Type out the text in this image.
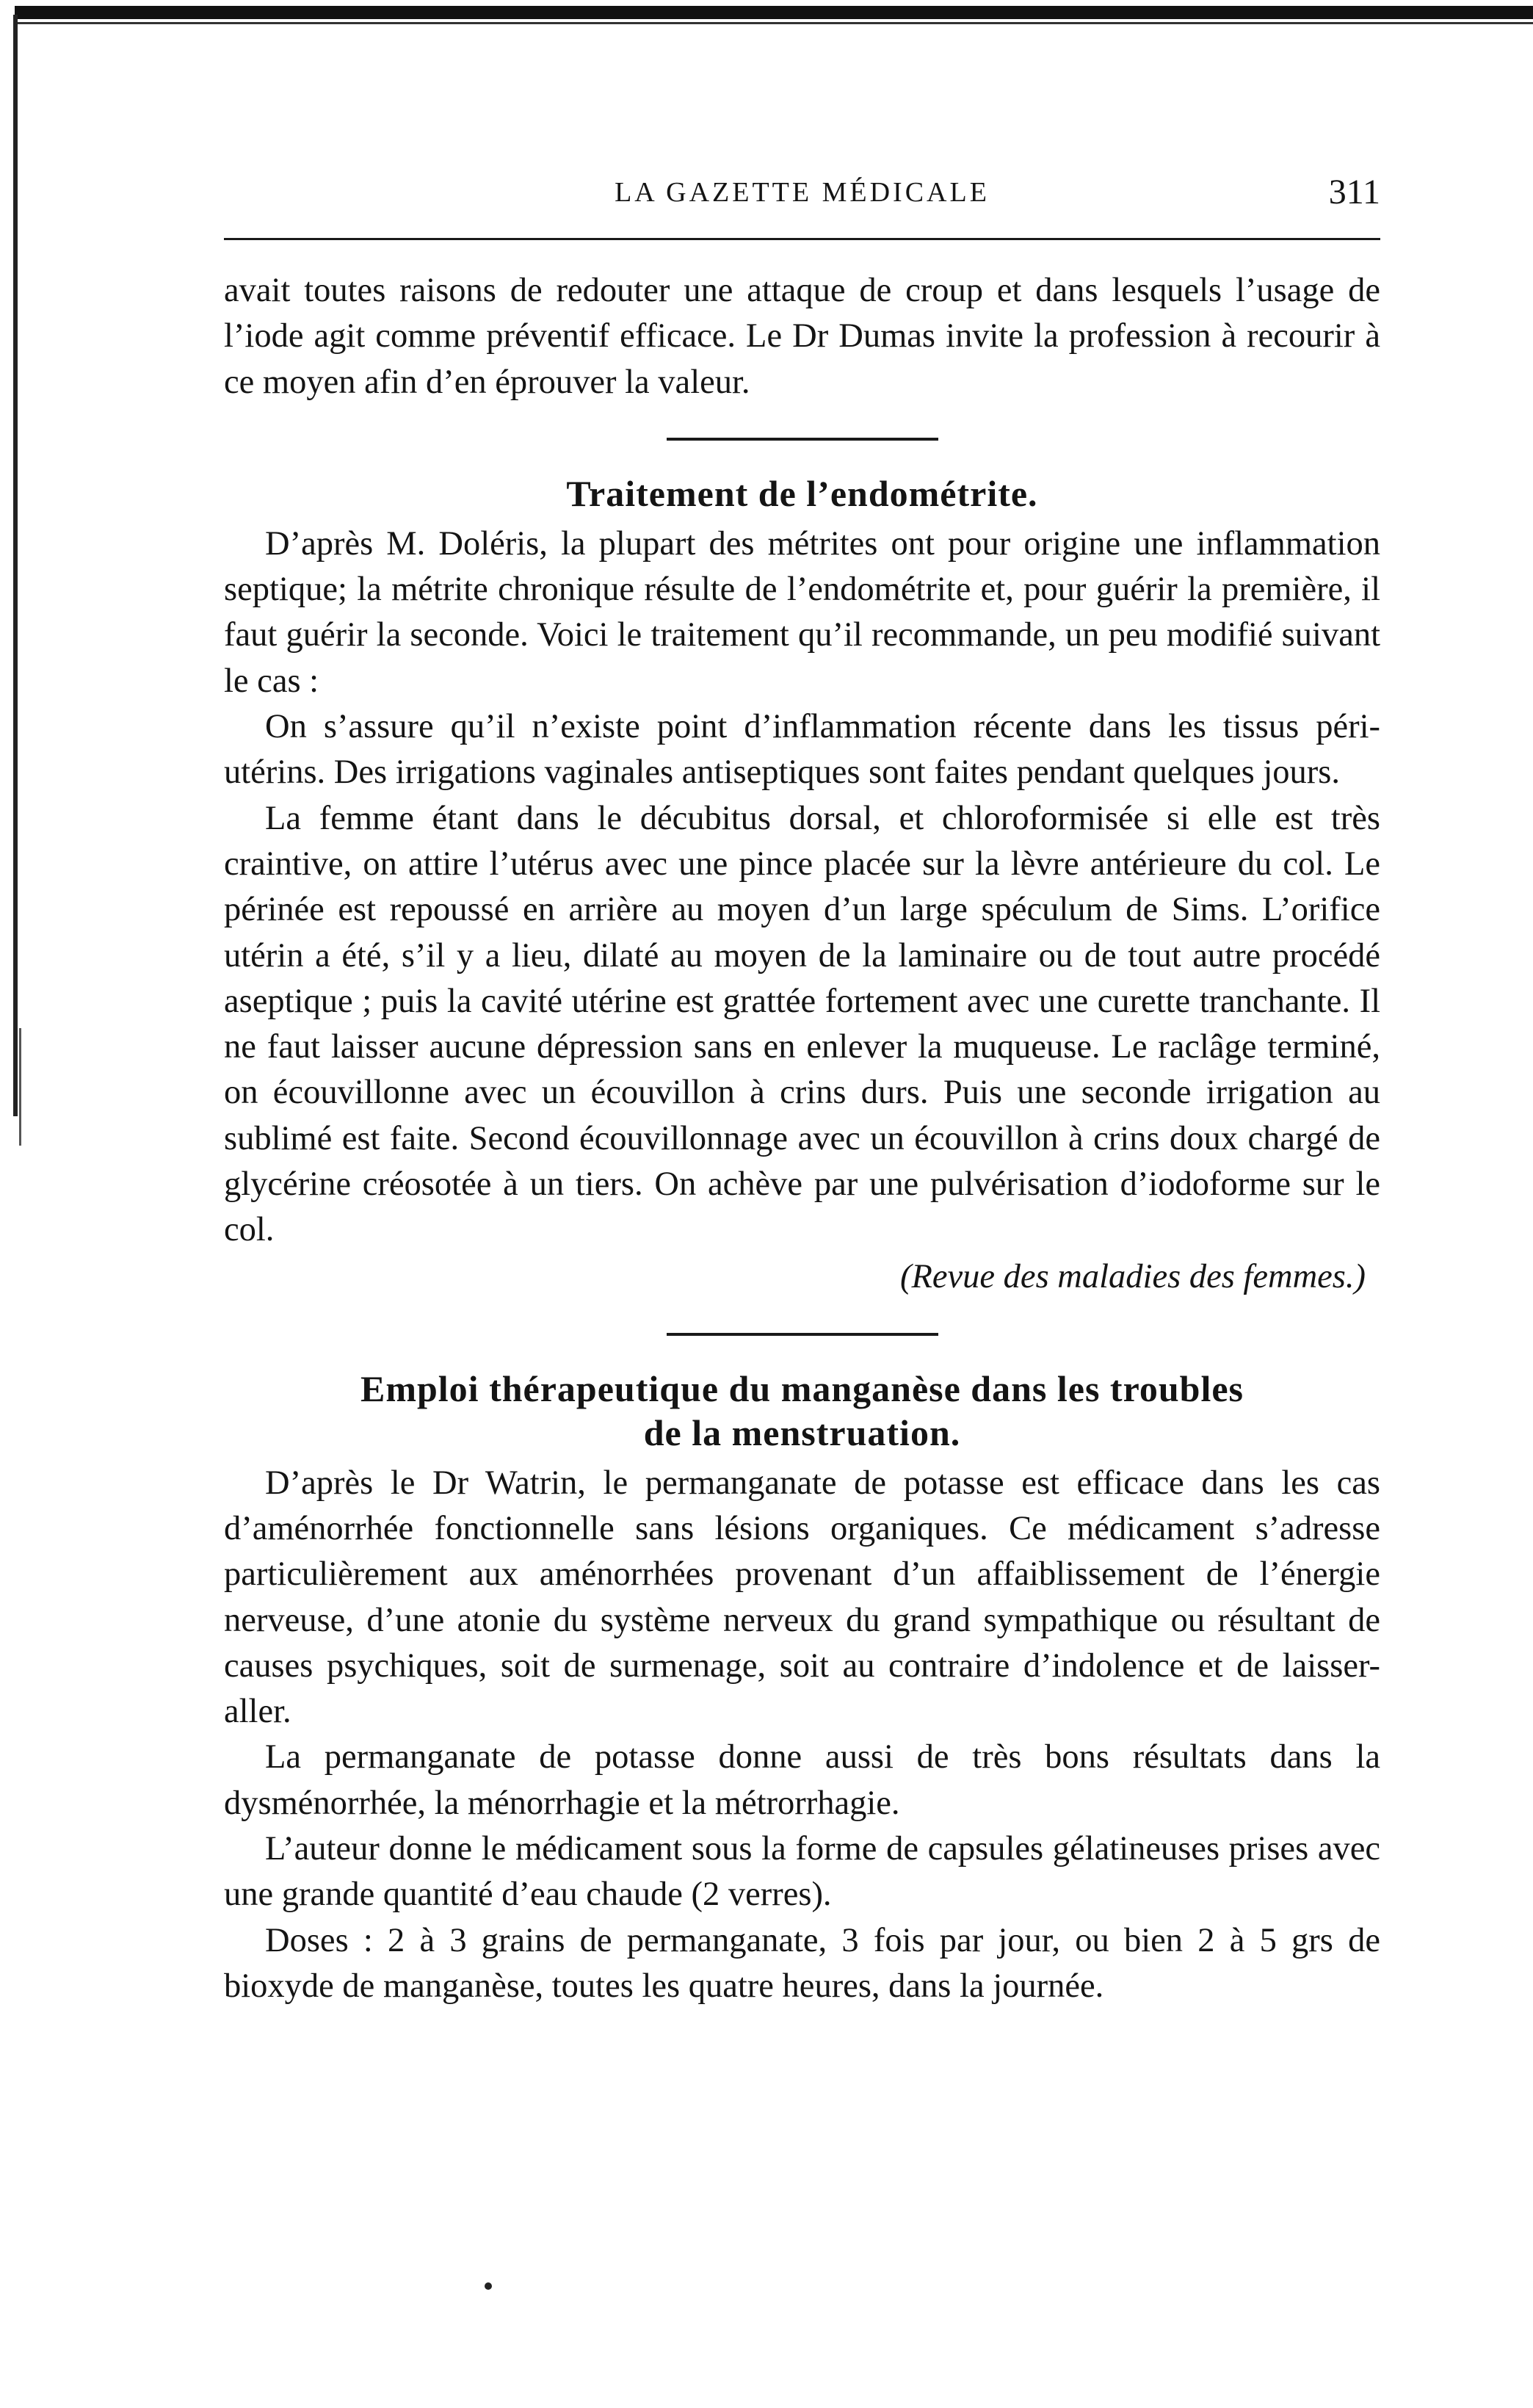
LA GAZETTE MÉDICALE	311

avait toutes raisons de redouter une attaque de croup et dans lesquels l’usage de l’iode agit comme préventif efficace. Le Dr Dumas invite la profession à recourir à ce moyen afin d’en éprouver la valeur.

Traitement de l’endométrite.

D’après M. Doléris, la plupart des métrites ont pour origine une inflammation septique; la métrite chronique résulte de l’endométrite et, pour guérir la première, il faut guérir la seconde. Voici le traitement qu’il recommande, un peu modifié suivant le cas :

On s’assure qu’il n’existe point d’inflammation récente dans les tissus péri-utérins. Des irrigations vaginales antiseptiques sont faites pendant quelques jours.

La femme étant dans le décubitus dorsal, et chloroformisée si elle est très craintive, on attire l’utérus avec une pince placée sur la lèvre antérieure du col. Le périnée est repoussé en arrière au moyen d’un large spéculum de Sims. L’orifice utérin a été, s’il y a lieu, dilaté au moyen de la laminaire ou de tout autre procédé aseptique ; puis la cavité utérine est grattée fortement avec une curette tranchante. Il ne faut laisser aucune dépression sans en enlever la muqueuse. Le raclâge terminé, on écouvillonne avec un écouvillon à crins durs. Puis une seconde irrigation au sublimé est faite. Second écouvillonnage avec un écouvillon à crins doux chargé de glycérine créosotée à un tiers. On achève par une pulvérisation d’iodoforme sur le col.

(Revue des maladies des femmes.)
Emploi thérapeutique du manganèse dans les troubles
de la menstruation.

D’après le Dr Watrin, le permanganate de potasse est efficace dans les cas d’aménorrhée fonctionnelle sans lésions organiques. Ce médicament s’adresse particulièrement aux aménorrhées provenant d’un affaiblissement de l’énergie nerveuse, d’une atonie du système nerveux du grand sympathique ou résultant de causes psychiques, soit de surmenage, soit au contraire d’indolence et de laisser-aller.

La permanganate de potasse donne aussi de très bons résultats dans la dysménorrhée, la ménorrhagie et la métrorrhagie.

L’auteur donne le médicament sous la forme de capsules gélatineuses prises avec une grande quantité d’eau chaude (2 verres).

Doses : 2 à 3 grains de permanganate, 3 fois par jour, ou bien 2 à 5 grs de bioxyde de manganèse, toutes les quatre heures, dans la journée.
